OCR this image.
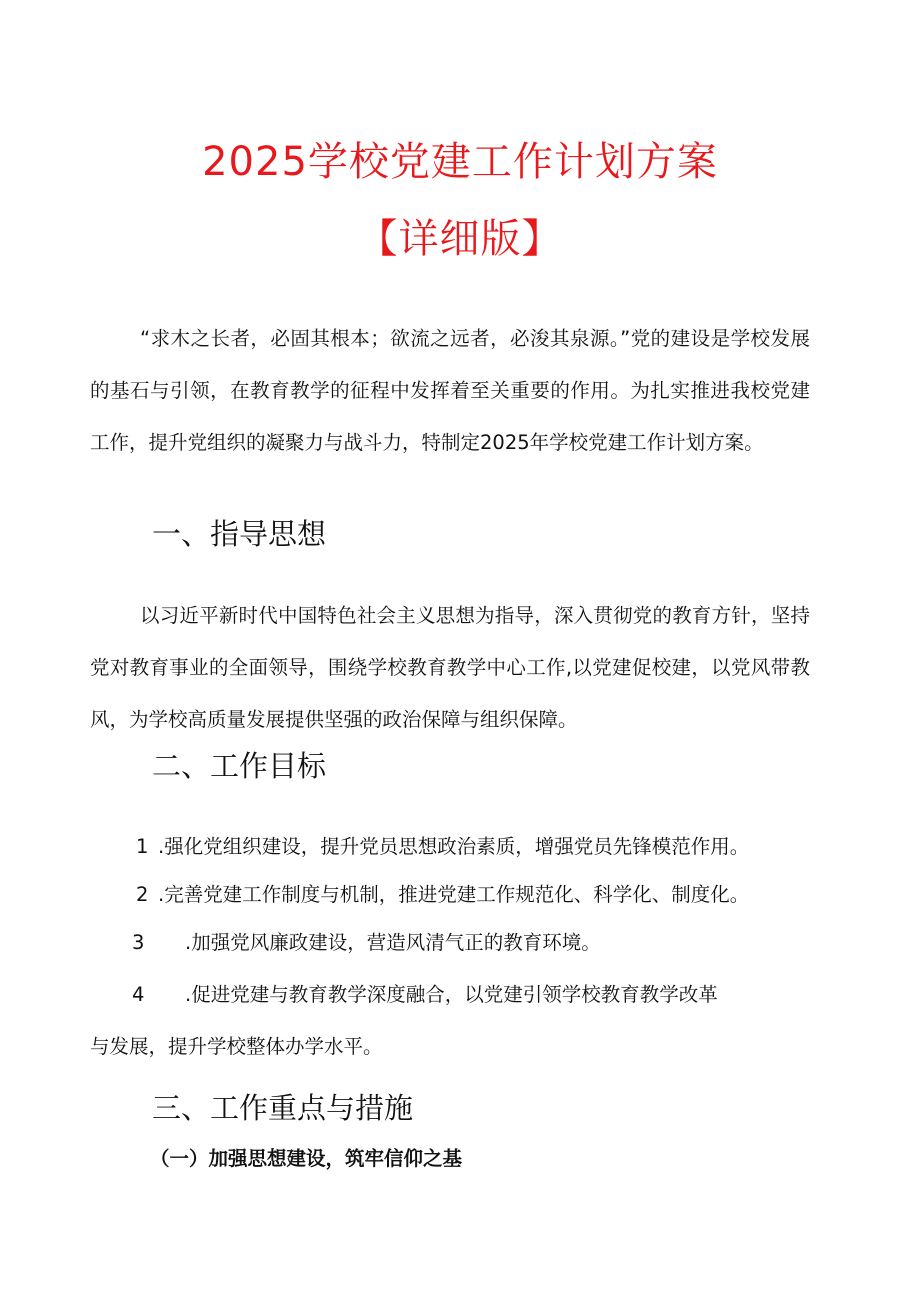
2025学校党建工作计划方案
【详细版】

“求木之长者，必固其根本；欲流之远者，必浚其泉源。”党的建设是学校发展的基石与引领，在教育教学的征程中发挥着至关重要的作用。为扎实推进我校党建工作，提升党组织的凝聚力与战斗力，特制定2025年学校党建工作计划方案。

一、指导思想

以习近平新时代中国特色社会主义思想为指导，深入贯彻党的教育方针，坚持党对教育事业的全面领导，围绕学校教育教学中心工作,以党建促校建，以党风带教风，为学校高质量发展提供坚强的政治保障与组织保障。

二、工作目标
1 .强化党组织建设，提升党员思想政治素质，增强党员先锋模范作用。
2 .完善党建工作制度与机制，推进党建工作规范化、科学化、制度化。
3 .加强党风廉政建设，营造风清气正的教育环境。
4 .促进党建与教育教学深度融合，以党建引领学校教育教学改革
与发展，提升学校整体办学水平。
三、工作重点与措施
（一）加强思想建设，筑牢信仰之基
